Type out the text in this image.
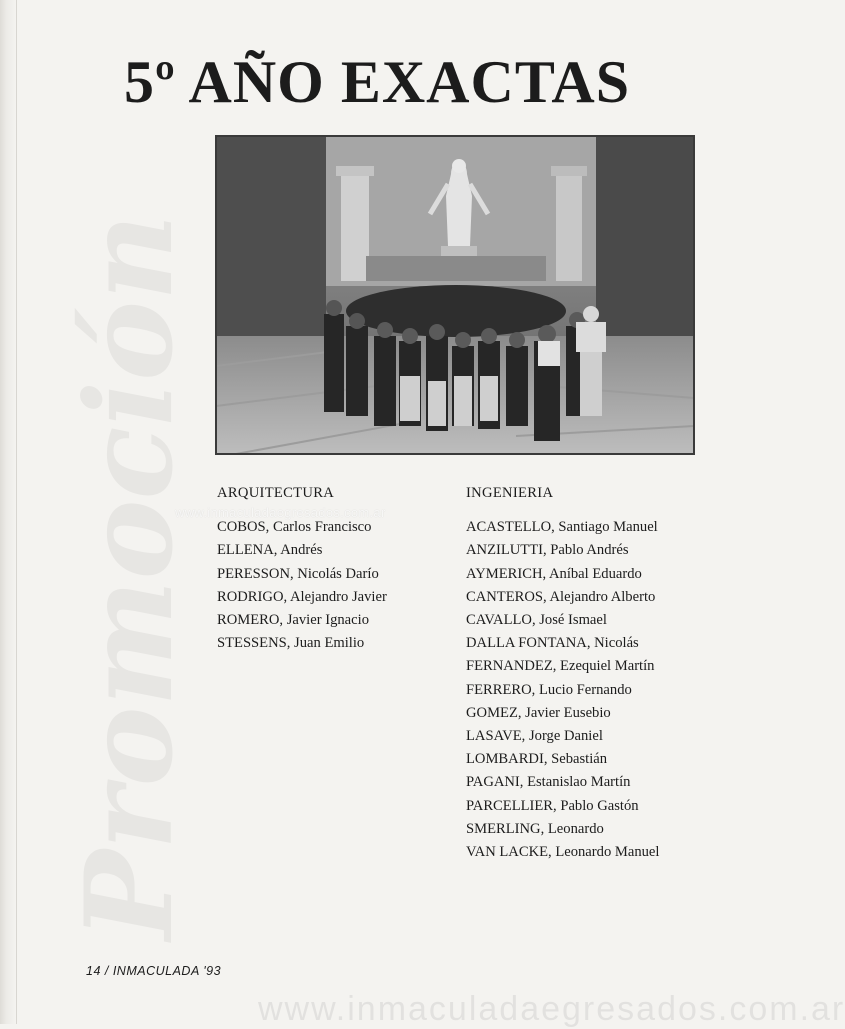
Promoción
5º AÑO EXACTAS
ARQUITECTURA
COBOS, Carlos Francisco
ELLENA, Andrés
PERESSON, Nicolás Darío
RODRIGO, Alejandro Javier
ROMERO, Javier Ignacio
STESSENS, Juan Emilio
INGENIERIA
ACASTELLO, Santiago Manuel
ANZILUTTI, Pablo Andrés
AYMERICH, Aníbal Eduardo
CANTEROS, Alejandro Alberto
CAVALLO, José Ismael
DALLA FONTANA, Nicolás
FERNANDEZ, Ezequiel Martín
FERRERO, Lucio Fernando
GOMEZ, Javier Eusebio
LASAVE, Jorge Daniel
LOMBARDI, Sebastián
PAGANI, Estanislao Martín
PARCELLIER, Pablo Gastón
SMERLING, Leonardo
VAN LACKE, Leonardo Manuel
www.inmaculadaegresados.com.ar
www.inmaculadaegresados.com.ar
14 / INMACULADA '93
